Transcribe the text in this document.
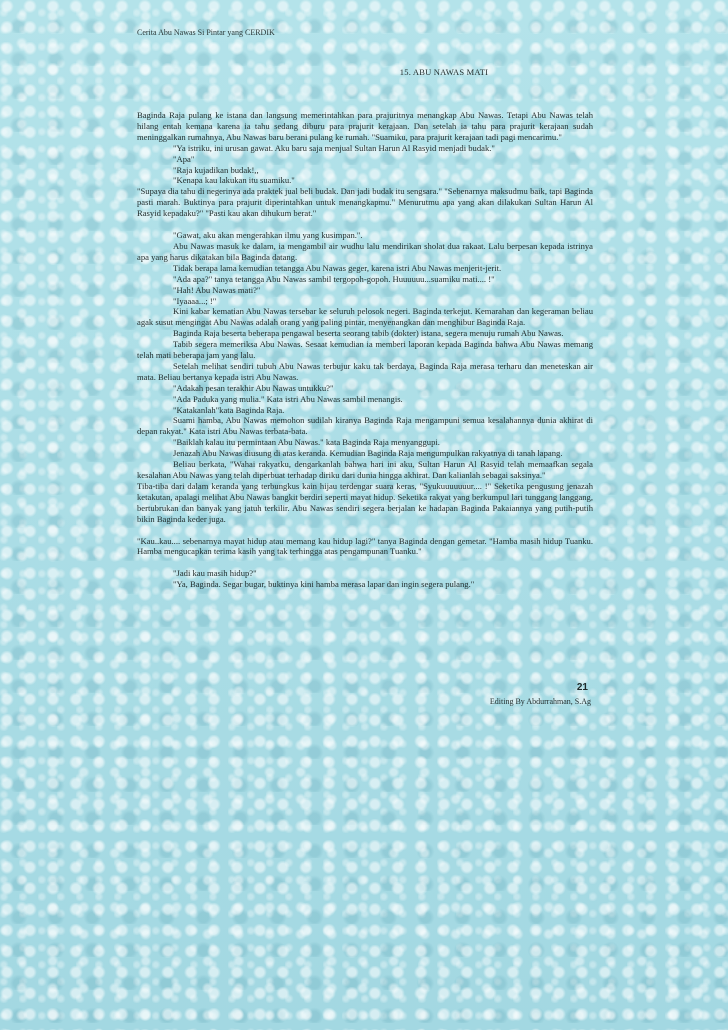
Cerita Abu Nawas Si Pintar yang CERDIK
15. ABU NAWAS MATI

Baginda Raja pulang ke istana dan langsung memerintahkan para prajuritnya menangkap Abu Nawas. Tetapi Abu Nawas telah hilang entah kemana karena ia tahu sedang diburu para prajurit kerajaan. Dan setelah ia tahu para prajurit kerajaan sudah meninggalkan rumahnya, Abu Nawas baru berani pulang ke rumah. "Suamiku, para prajurit kerajaan tadi pagi mencarimu."

"Ya istriku, ini urusan gawat. Aku baru saja menjual Sultan Harun Al Rasyid menjadi budak."

"Apa"

"Raja kujadikan budak!,,

"Kenapa kau lakukan itu suamiku."

"Supaya dia tahu di negerinya ada praktek jual beli budak. Dan jadi budak itu sengsara." "Sebenarnya maksudmu baik, tapi Baginda pasti marah. Buktinya para prajurit diperintahkan untuk menangkapmu." Menurutmu apa yang akan dilakukan Sultan Harun Al Rasyid kepadaku?" "Pasti kau akan dihukum berat."

"Gawat, aku akan mengerahkan ilmu yang kusimpan.".

Abu Nawas masuk ke dalam, ia mengambil air wudhu lalu mendirikan sholat dua rakaat. Lalu berpesan kepada istrinya apa yang harus dikatakan bila Baginda datang.

Tidak berapa lama kemudian tetangga Abu Nawas geger, karena istri Abu Nawas menjerit-jerit.

"Ada apa?" tanya tetangga Abu Nawas sambil tergopoh-gopoh. Huuuuuu...suamiku mati.... !"

"Hah! Abu Nawas mati?"

"Iyaaaa...; !"

Kini kabar kematian Abu Nawas tersebar ke seluruh pelosok negeri. Baginda terkejut. Kemarahan dan kegeraman beliau agak susut mengingat Abu Nawas adalah orang yang paling pintar, menyenangkan dan menghibur Baginda Raja.

Baginda Raja beserta beberapa pengawal beserta seorang tabib (dokter) istana, segera menuju rumah Abu Nawas.

Tabib segera memeriksa Abu Nawas. Sesaat kemudian ia memberi laporan kepada Baginda bahwa Abu Nawas memang telah mati beberapa jam yang lalu.

Setelah melihat sendiri tubuh Abu Nawas terbujur kaku tak berdaya, Baginda Raja merasa terharu dan meneteskan air mata. Beliau bertanya kepada istri Abu Nawas.

"Adakah pesan terakhir Abu Nawas untukku?"

"Ada Paduka yang mulia." Kata istri Abu Nawas sambil menangis.

"Katakanlah"kata Baginda Raja.

Suami hamba, Abu Nawas memohon sudilah kiranya Baginda Raja mengampuni semua kesalahannya dunia akhirat di depan rakyat." Kata istri Abu Nawas terbata-bata.

"Baiklah kalau itu permintaan Abu Nawas." kata Baginda Raja menyanggupi.

Jenazah Abu Nawas diusung di atas keranda. Kemudian Baginda Raja mengumpulkan rakyatnya di tanah lapang.

Beliau berkata, "Wahai rakyatku, dengarkanlah bahwa hari ini aku, Sultan Harun Al Rasyid telah memaafkan segala kesalahan Abu Nawas yang telah diperbuat terhadap diriku dari dunia hingga akhirat. Dan kalianlah sebagai saksinya."

Tiba-tiba dari dalam keranda yang terbungkus kain hijau terdengar suara keras, "Syukuuuuuuur.... !" Seketika pengusung jenazah ketakutan, apalagi melihat Abu Nawas bangkit berdiri seperti mayat hidup. Seketika rakyat yang berkumpul lari tunggang langgang, bertubrukan dan banyak yang jatuh terkilir. Abu Nawas sendiri segera berjalan ke hadapan Baginda Pakaiannya yang putih-putih bikin Baginda keder juga.

"Kau..kau.... sebenarnya mayat hidup atau memang kau hidup lagi?" tanya Baginda dengan gemetar. "Hamba masih hidup Tuanku. Hamba mengucapkan terima kasih yang tak terhingga atas pengampunan Tuanku."

"Jadi kau masih hidup?"

"Ya, Baginda. Segar bugar, buktinya kini hamba merasa lapar dan ingin segera pulang."

21
Editing By Abdurrahman, S.Ag
